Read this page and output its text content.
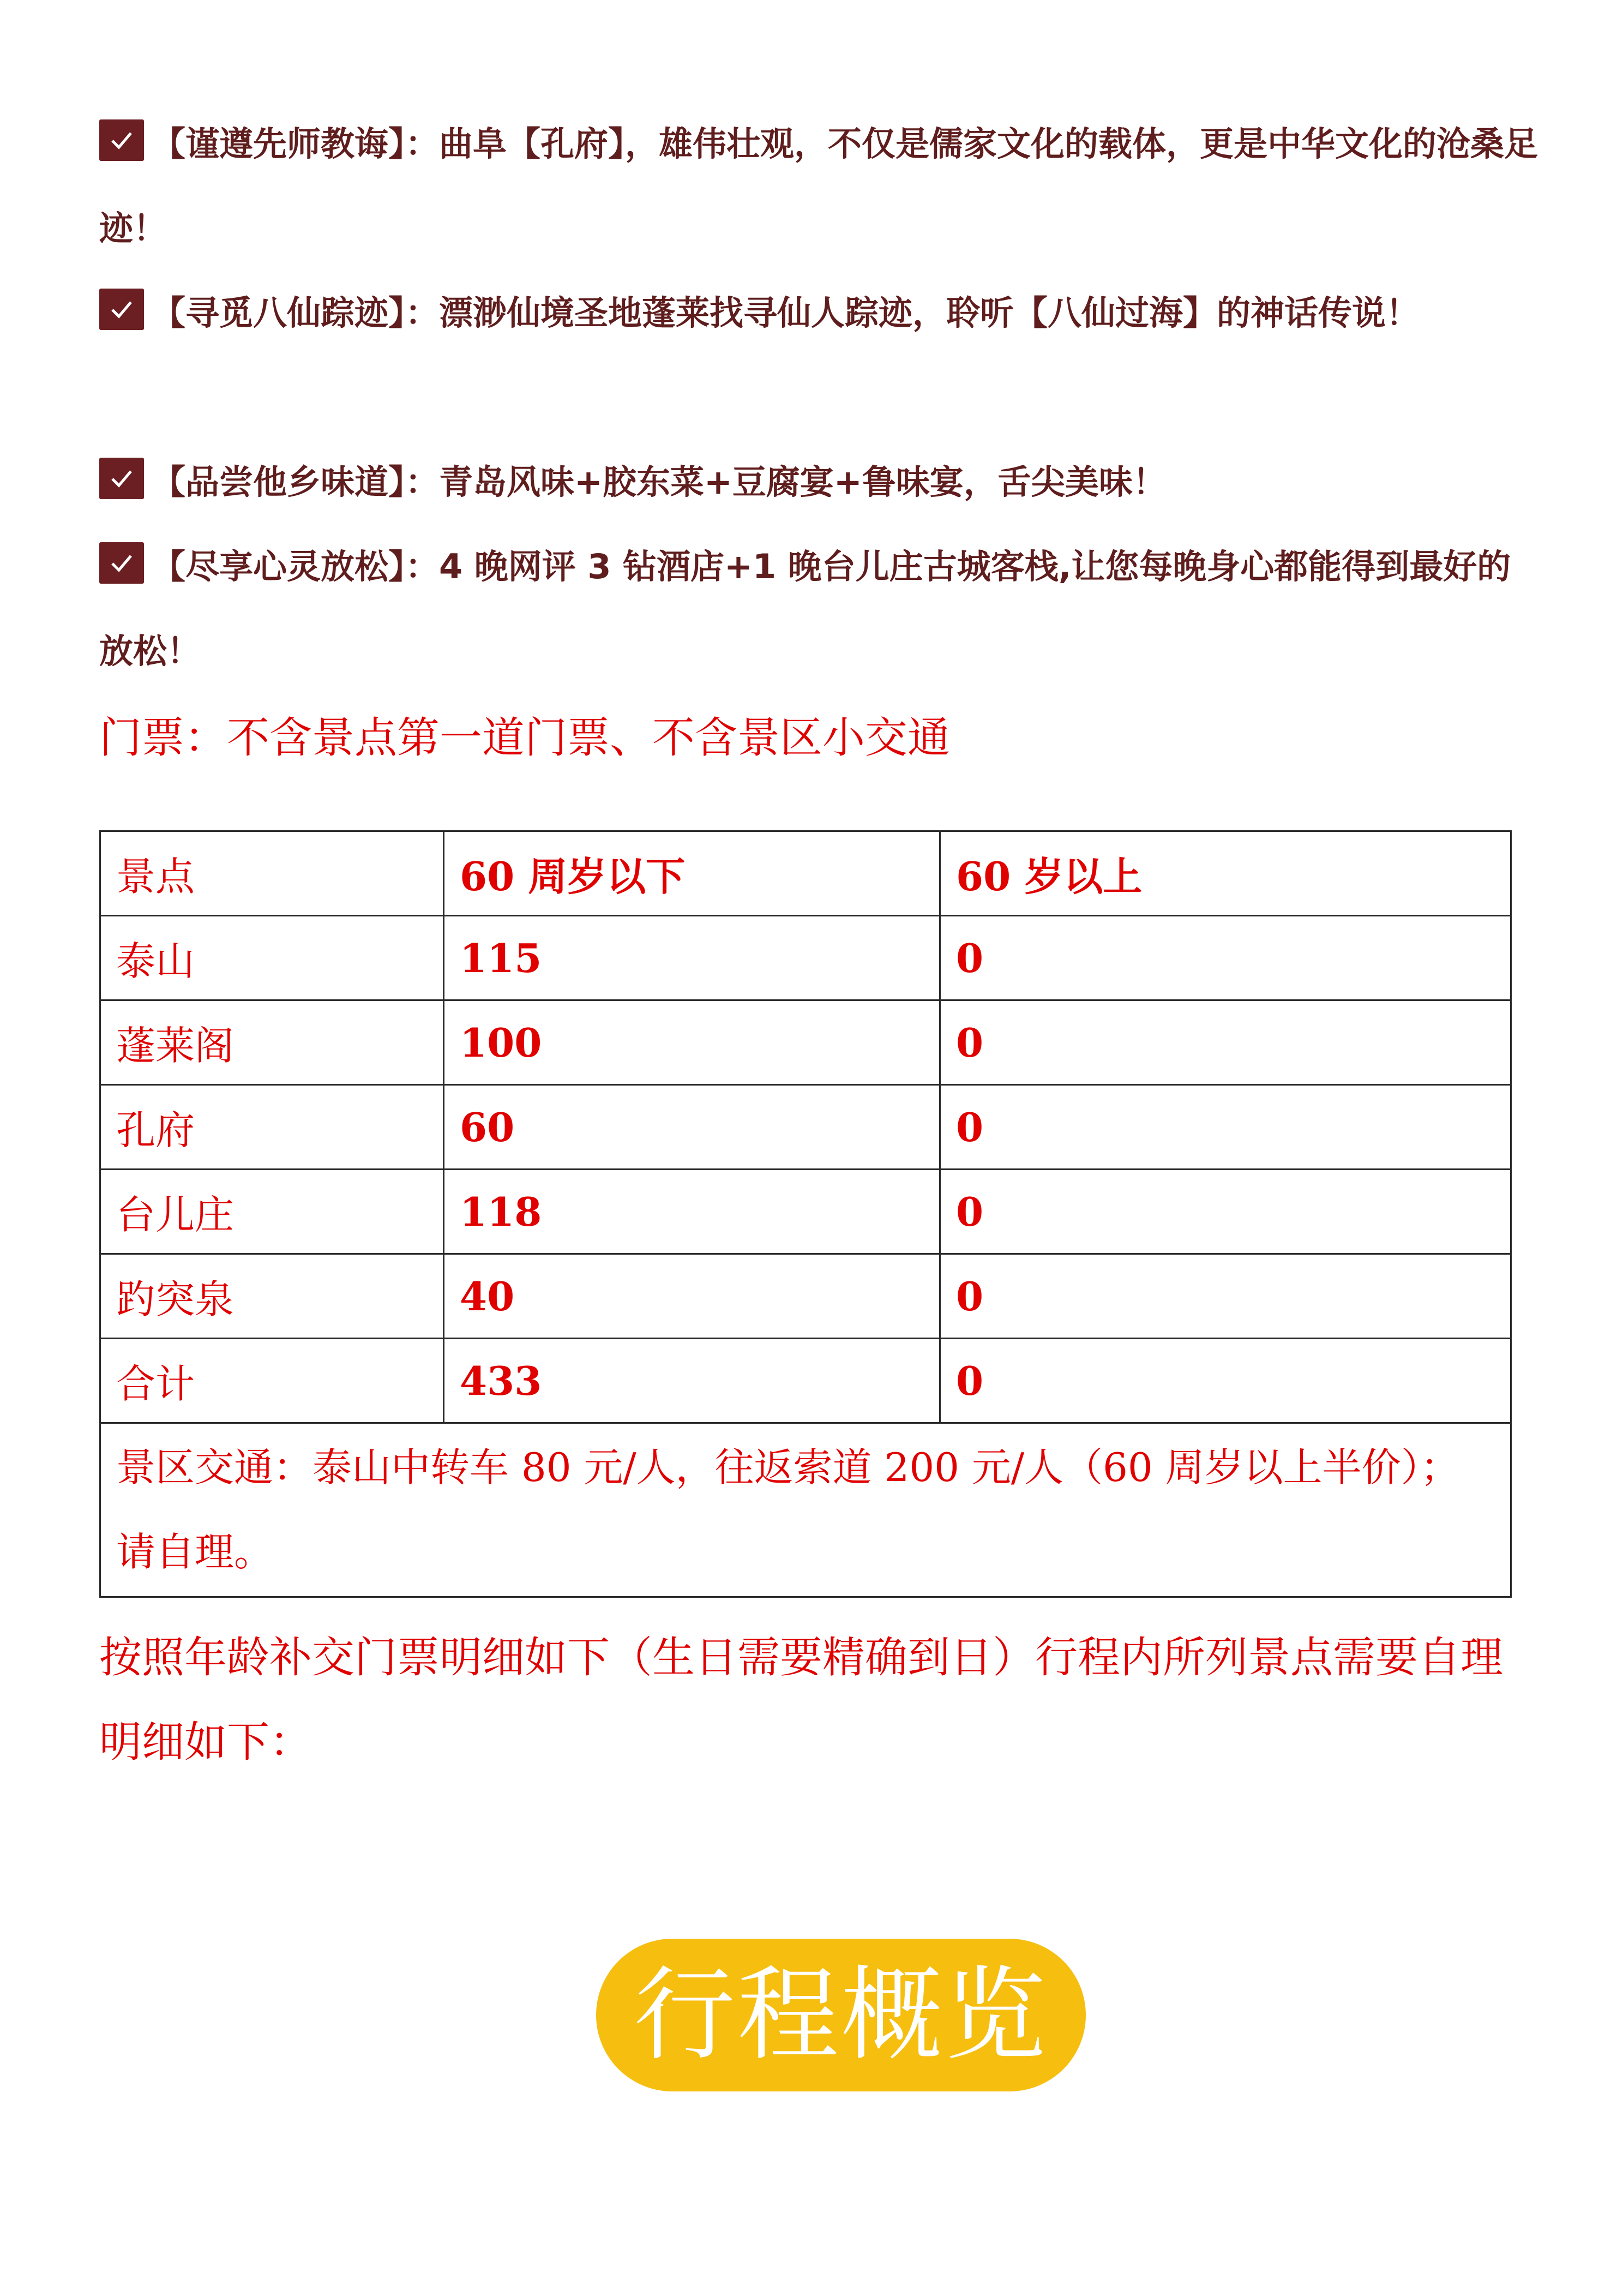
【谨遵先师教诲】：曲阜【孔府】，雄伟壮观，不仅是儒家文化的载体，更是中华文化的沧桑足迹！

【寻觅八仙踪迹】：漂渺仙境圣地蓬莱找寻仙人踪迹，聆听【八仙过海】的神话传说！

【品尝他乡味道】：青岛风味+胶东菜+豆腐宴+鲁味宴，舌尖美味！

【尽享心灵放松】：4 晚网评 3 钻酒店+1 晚台儿庄古城客栈,让您每晚身心都能得到最好的放松！

门票：不含景点第一道门票、不含景区小交通

景点	60 周岁以下	60 岁以上
泰山	115	0
蓬莱阁	100	0
孔府	60	0
台儿庄	118	0
趵突泉	40	0
合计	433	0
景区交通：泰山中转车 80 元/人，往返索道 200 元/人（60 周岁以上半价）；请自理。		

按照年龄补交门票明细如下（生日需要精确到日）行程内所列景点需要自理明细如下：

行程概览
